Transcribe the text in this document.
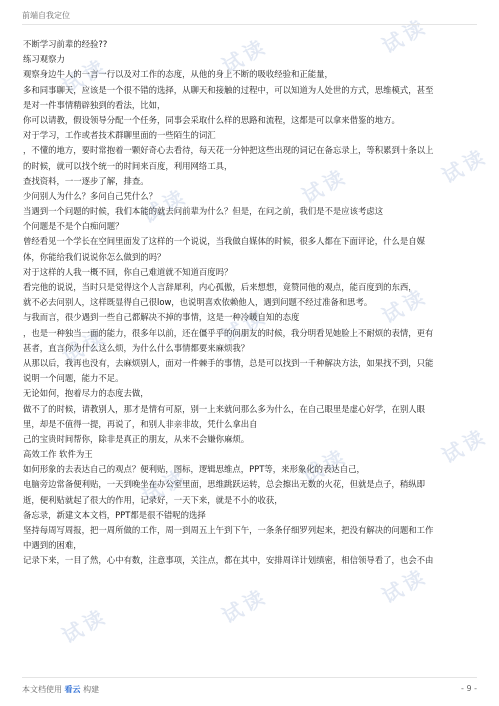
试读	试读	试读
试读	试读	试读
试读	试读	试读
试读	试读	试读
试读	试读	试读
前端自我定位
不断学习前辈的经验??
练习观察力
观察身边牛人的一言一行以及对工作的态度，从他的身上不断的吸收经验和正能量，
多和同事聊天，应该是一个很不错的选择，从聊天和接触的过程中，可以知道为人处世的方式，思维模式，甚至
是对一件事情精辟独到的看法，比如，
你可以请教，假设领导分配一个任务，同事会采取什么样的思路和流程，这都是可以拿来借鉴的地方。
对于学习，工作或者技术群聊里面的一些陌生的词汇
，不懂的地方，要时常抱着一颗好奇心去看待，每天花一分钟把这些出现的词记在备忘录上，等积累到十条以上
的时候，就可以找个统一的时间来百度，利用网络工具，
查找资料，一一逐步了解，排查。
少问别人为什么？多问自己凭什么？
当遇到一个问题的时候，我们本能的就去问前辈为什么？但是，在问之前，我们是不是应该考虑这
个问题是不是个白痴问题？
曾经看见一个学长在空间里面发了这样的一个说说，当我做自媒体的时候，很多人都在下面评论，什么是自媒
体，你能给我们说说你怎么做到的吗？
对于这样的人我一概不回，你自己难道就不知道百度吗？
看完他的说说，当时只是觉得这个人言辞犀利，内心孤傲，后来想想，竟赞同他的观点，能百度到的东西，
就不必去问别人，这样既显得自己很low，也说明喜欢依赖他人，遇到问题不经过准备和思考。
与我而言，很少遇到一些自己都解决不掉的事情，这是一种冷暖自知的态度
，也是一种独当一面的能力，很多年以前，还在僵乎乎的问朋友的时候，我分明看见她脸上不耐烦的表情，更有
甚者，直言你为什么这么烦，为什么什么事情都要来麻烦我？
从那以后，我再也没有，去麻烦别人，面对一件棘手的事情，总是可以找到一千种解决方法，如果找不到，只能
说明一个问题，能力不足。
无论如何，抱着尽力的态度去做，
做不了的时候，请教别人，那才是情有可原，别一上来就问那么多为什么，在自己眼里是虚心好学，在别人眼
里，却是不值得一提，再说了，和别人非亲非故，凭什么拿出自
己的宝贵时间帮你，除非是真正的朋友，从来不会嫌你麻烦。
高效工作 软件为王
如何形象的去表达自己的观点？便利贴，图标，逻辑思维点，PPT等，来形象化的表达自己，
电脑旁边常备便利贴，一天到晚坐在办公室里面，思维跳跃运转，总会擦出无数的火花，但就是点子，稍纵即
逝，便利贴就起了很大的作用，记录好，一天下来，就是不小的收获，
备忘录，新建文本文档，PPT都是很不错呢的选择
坚持每周写周报，把一周所做的工作，周一到周五上午到下午，一条条仔细罗列起来，把没有解决的问题和工作
中遇到的困难，
记录下来，一目了然，心中有数，注意事项，关注点，都在其中，安排周详计划缜密，相信领导看了，也会不由
本文档使用 看云 构建	- 9 -
